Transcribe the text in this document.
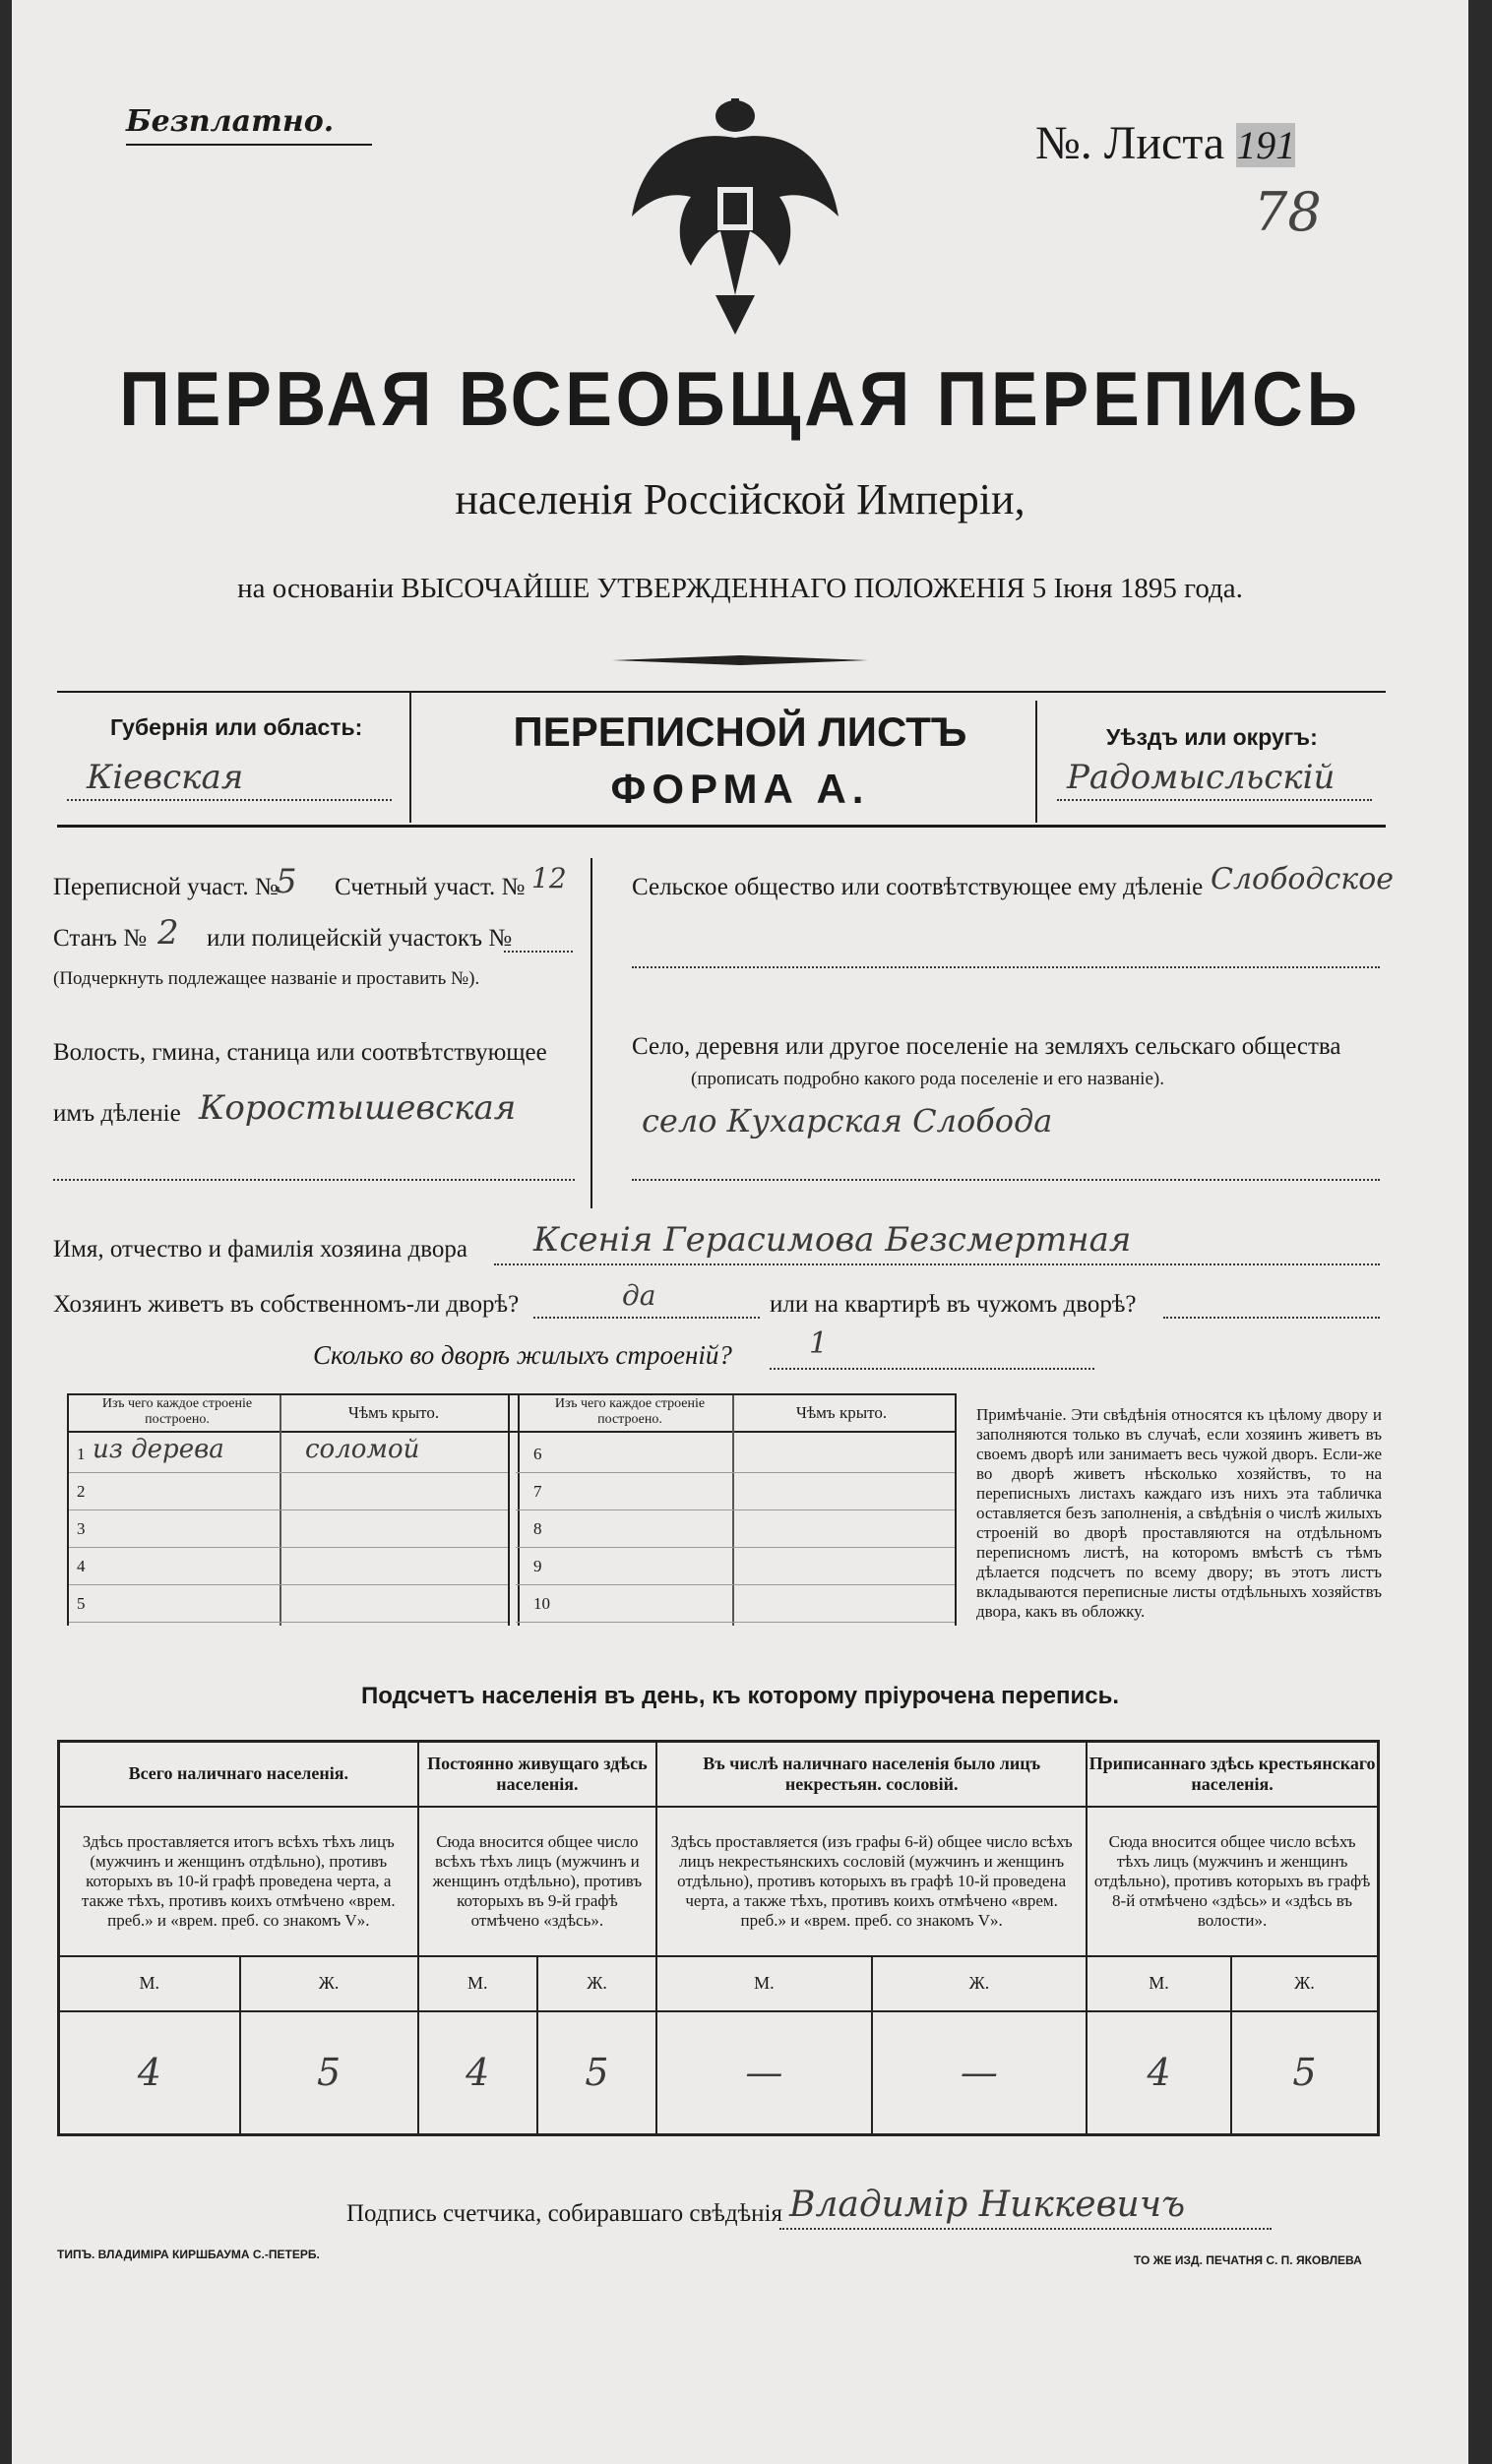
Безплатно.	№. Листа 191
78
ПЕРВАЯ ВСЕОБЩАЯ ПЕРЕПИСЬ
населенія Россійской Имперіи,
на основаніи ВЫСОЧАЙШЕ УТВЕРЖДЕННАГО ПОЛОЖЕНІЯ 5 Іюня 1895 года.
Губернія или область:
Кіевская
ПЕРЕПИСНОЙ ЛИСТЪ
ФОРМА А.
Уѣздъ или округъ:
Радомысльскій
Переписной участ. №
5 Счетный участ. № 12
Станъ № 2 или полицейскій участокъ №
(Подчеркнуть подлежащее названіе и проставить №).
Волость, гмина, станица или соотвѣтствующее
имъ дѣленіе Коростышевская
Сельское общество или соотвѣтствующее ему дѣленіе Слободское
Село, деревня или другое поселеніе на земляхъ сельскаго общества
(прописать подробно какого рода поселеніе и его названіе).
село Кухарская Слобода
Имя, отчество и фамилія хозяина двора Ксенія Герасимова Безсмертная
Хозяинъ живетъ въ собственномъ-ли дворѣ?	да	или на квартирѣ въ чужомъ дворѣ?
Сколько во дворѣ жилыхъ строеній?	1
Изъ чего каждое строеніе построено.	Чѣмъ крыто.	Изъ чего каждое строеніе построено.	Чѣмъ крыто.
1 из дерева	соломой
2
3
4
5
6
7
8
9
10
Примѣчаніе. Эти свѣдѣнія относятся къ цѣлому двору и заполняются только въ случаѣ, если хозяинъ живетъ въ своемъ дворѣ или занимаетъ весь чужой дворъ. Если-же во дворѣ живетъ нѣсколько хозяйствъ, то на переписныхъ листахъ каждаго изъ нихъ эта табличка оставляется безъ заполненія, а свѣдѣнія о числѣ жилыхъ строеній во дворѣ проставляются на отдѣльномъ переписномъ листѣ, на которомъ вмѣстѣ съ тѣмъ дѣлается подсчетъ по всему двору; въ этотъ листъ вкладываются переписные листы отдѣльныхъ хозяйствъ двора, какъ въ обложку.
Подсчетъ населенія въ день, къ которому пріурочена перепись.
Всего наличнаго населенія.		Постоянно живущаго здѣсь населенія.		Въ числѣ наличнаго населенія было лицъ некрестьян. сословій.		Приписаннаго здѣсь крестьянскаго населенія.	
Здѣсь проставляется итогъ всѣхъ тѣхъ лицъ (мужчинъ и женщинъ отдѣльно), противъ которыхъ въ 10-й графѣ проведена черта, а также тѣхъ, противъ коихъ отмѣчено «врем. преб.» и «врем. преб. со знакомъ V».		Сюда вносится общее число всѣхъ тѣхъ лицъ (мужчинъ и женщинъ отдѣльно), противъ которыхъ въ 9-й графѣ отмѣчено «здѣсь».		Здѣсь проставляется (изъ графы 6-й) общее число всѣхъ лицъ некрестьянскихъ сословій (мужчинъ и женщинъ отдѣльно), противъ которыхъ въ графѣ 10-й проведена черта, а также тѣхъ, противъ коихъ отмѣчено «врем. преб.» и «врем. преб. со знакомъ V».		Сюда вносится общее число всѣхъ тѣхъ лицъ (мужчинъ и женщинъ отдѣльно), противъ которыхъ въ графѣ 8-й отмѣчено «здѣсь» и «здѣсь въ волости».	
М.	Ж.	М.	Ж.	М.	Ж.	М.	Ж.
4	5	4	5	—	—	4	5
Подпись счетчика, собиравшаго свѣдѣнія Владимір Никкевичъ
ТИПЪ. ВЛАДИМІРА КИРШБАУМА С.-ПЕТЕРБ.	ТО ЖЕ ИЗД. ПЕЧАТНЯ С. П. ЯКОВЛЕВА
